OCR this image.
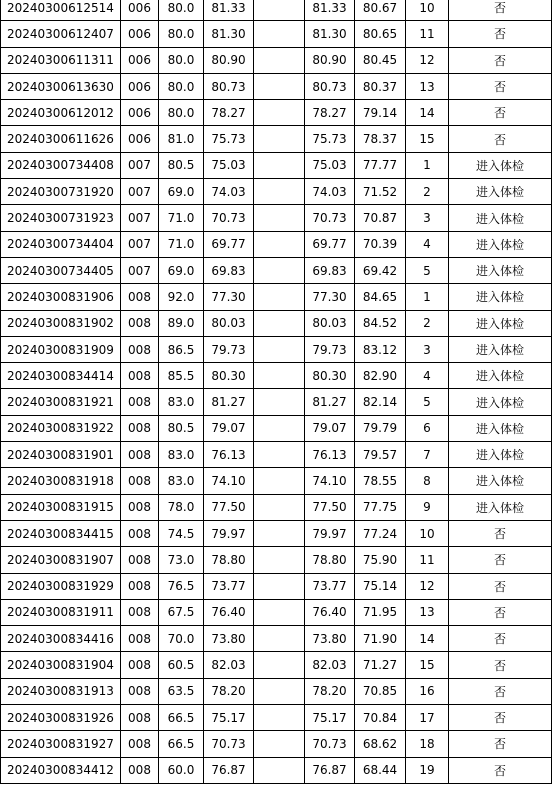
20240300612514	006	80.0	81.33		81.33	80.67	10	否
20240300612407	006	80.0	81.30		81.30	80.65	11	否
20240300611311	006	80.0	80.90		80.90	80.45	12	否
20240300613630	006	80.0	80.73		80.73	80.37	13	否
20240300612012	006	80.0	78.27		78.27	79.14	14	否
20240300611626	006	81.0	75.73		75.73	78.37	15	否
20240300734408	007	80.5	75.03		75.03	77.77	1	进入体检
20240300731920	007	69.0	74.03		74.03	71.52	2	进入体检
20240300731923	007	71.0	70.73		70.73	70.87	3	进入体检
20240300734404	007	71.0	69.77		69.77	70.39	4	进入体检
20240300734405	007	69.0	69.83		69.83	69.42	5	进入体检
20240300831906	008	92.0	77.30		77.30	84.65	1	进入体检
20240300831902	008	89.0	80.03		80.03	84.52	2	进入体检
20240300831909	008	86.5	79.73		79.73	83.12	3	进入体检
20240300834414	008	85.5	80.30		80.30	82.90	4	进入体检
20240300831921	008	83.0	81.27		81.27	82.14	5	进入体检
20240300831922	008	80.5	79.07		79.07	79.79	6	进入体检
20240300831901	008	83.0	76.13		76.13	79.57	7	进入体检
20240300831918	008	83.0	74.10		74.10	78.55	8	进入体检
20240300831915	008	78.0	77.50		77.50	77.75	9	进入体检
20240300834415	008	74.5	79.97		79.97	77.24	10	否
20240300831907	008	73.0	78.80		78.80	75.90	11	否
20240300831929	008	76.5	73.77		73.77	75.14	12	否
20240300831911	008	67.5	76.40		76.40	71.95	13	否
20240300834416	008	70.0	73.80		73.80	71.90	14	否
20240300831904	008	60.5	82.03		82.03	71.27	15	否
20240300831913	008	63.5	78.20		78.20	70.85	16	否
20240300831926	008	66.5	75.17		75.17	70.84	17	否
20240300831927	008	66.5	70.73		70.73	68.62	18	否
20240300834412	008	60.0	76.87		76.87	68.44	19	否
